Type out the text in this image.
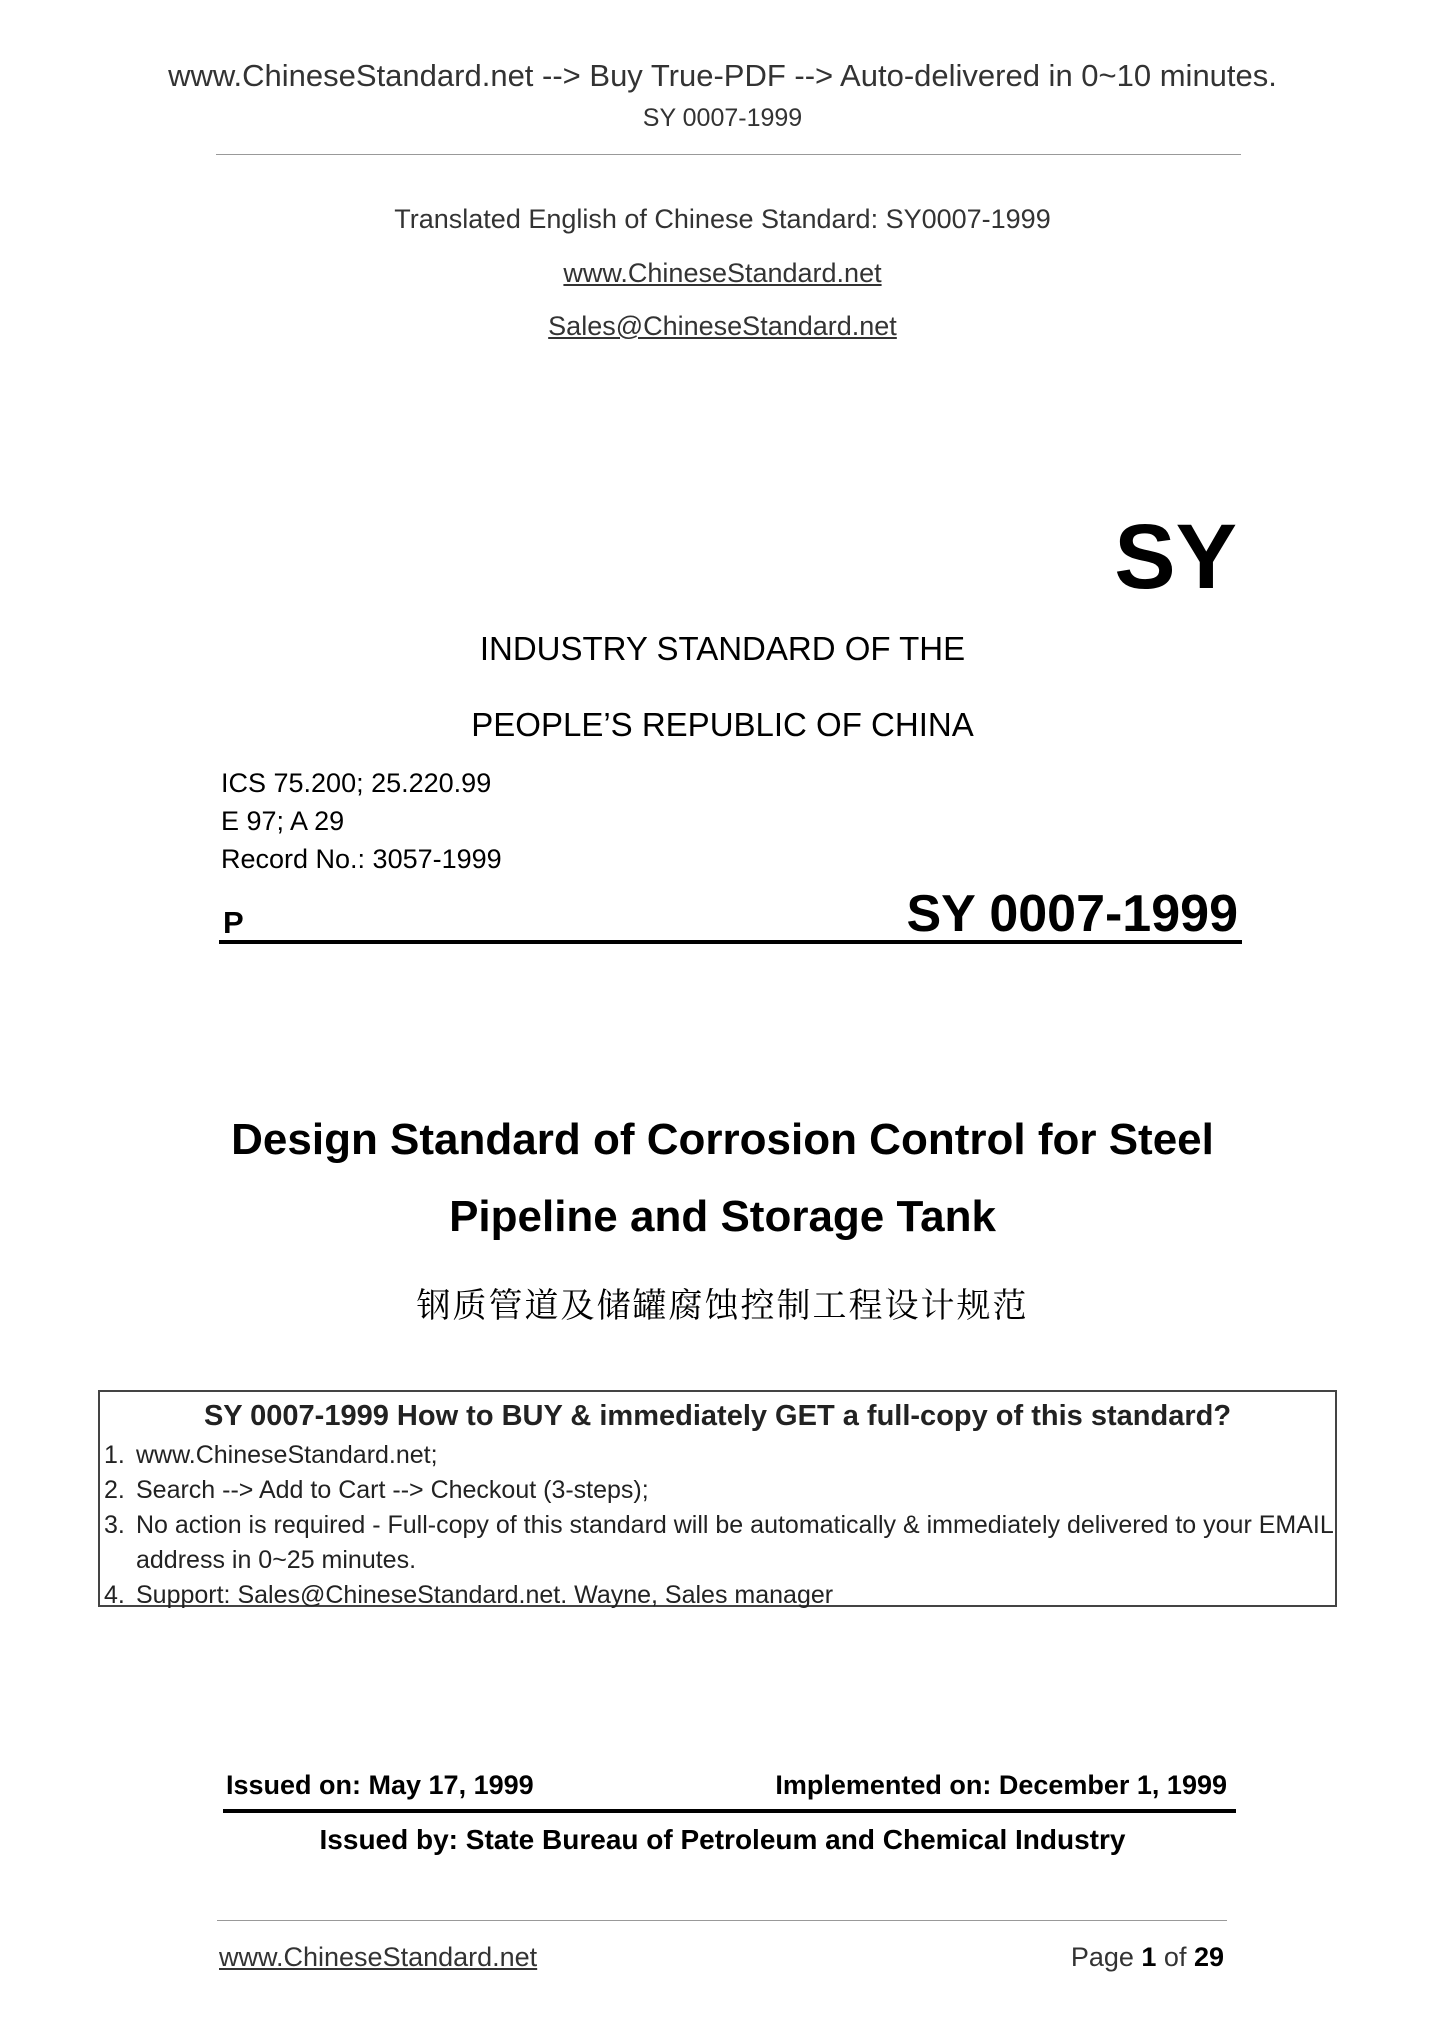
www.ChineseStandard.net --> Buy True-PDF --> Auto-delivered in 0~10 minutes.
SY 0007-1999
Translated English of Chinese Standard: SY0007-1999
www.ChineseStandard.net
Sales@ChineseStandard.net
SY
INDUSTRY STANDARD OF THE
PEOPLE’S REPUBLIC OF CHINA
ICS 75.200; 25.220.99
E 97; A 29
Record No.: 3057-1999
P	SY 0007-1999
Design Standard of Corrosion Control for Steel
Pipeline and Storage Tank
钢质管道及储罐腐蚀控制工程设计规范
SY 0007-1999 How to BUY & immediately GET a full-copy of this standard?
1. www.ChineseStandard.net;
2. Search --> Add to Cart --> Checkout (3-steps);
3. No action is required - Full-copy of this standard will be automatically & immediately delivered to your EMAIL address in 0~25 minutes.
4. Support: Sales@ChineseStandard.net. Wayne, Sales manager
Issued on: May 17, 1999	Implemented on: December 1, 1999
Issued by: State Bureau of Petroleum and Chemical Industry
www.ChineseStandard.net	Page 1 of 29
